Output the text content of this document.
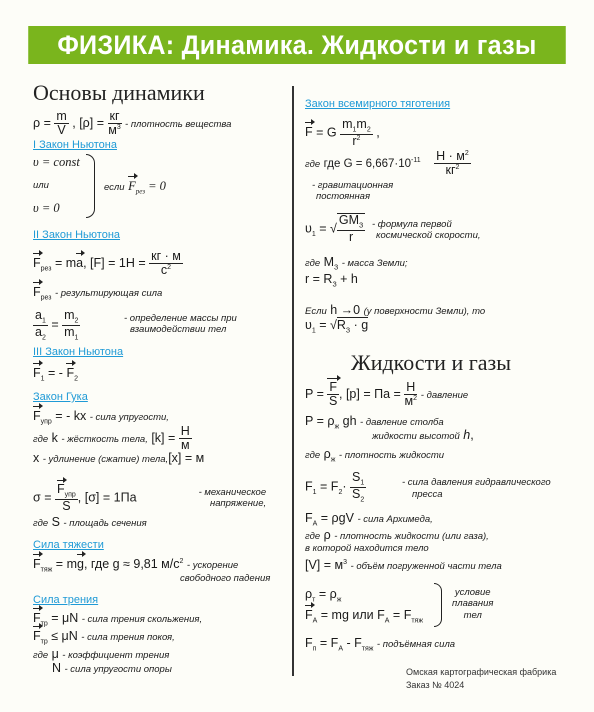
ФИЗИКА: Динамика. Жидкости и газы
Основы динамики
$\rho = \frac{m}{V}$ , $[\rho] = \frac{кг}{м^3}$ - плотность вещества
I Закон Ньютона
υ = const
или
υ = 0
если $F_{рез} = 0$
II Закон Ньютона
$F_{рез}$ = ma, $[F] = 1Н = \frac{кг \cdot м}{с^2}$
$F_{рез}$ - результирующая сила
$\frac{a_1}{a_2} = \frac{m_2}{m_1}$	- определение массы при
взаимодействии тел
III Закон Ньютона
$F_1$ = - $F_2$
Закон Гука
$F_{упр}$ = - kx - сила упругости,
где k - жёсткость тела, $[k] = \frac{Н}{м}$
x - удлинение (сжатие) тела,[x] = м
$\sigma = \frac{F_{упр}}{S}$ , [σ] = 1Па	- механическое
напряжение,
где S - площадь сечения
Сила тяжести
$F_{тяж}$ = mg, где g ≈ 9,81 $м/с^2$ - ускорение
свободного падения
Сила трения
$F_{тр} = \mu N$ - сила трения скольжения,
$F_{тр} \le \mu N$ - сила трения покоя,
где μ - коэффициент трения
N - сила упругости опоры
Закон всемирного тяготения
F = G $\frac{m_1m_2}{r^2}$ ,
где где $G = 6,667\cdot 10^{-11} \frac{Н \cdot м^2}{кг^2}$
- гравитационная
постоянная
$\upsilon_1$ = √ $\frac{GM_З}{r}$ - формула первой
космической скорости,
где $M_З$ - масса Земли;
$r = R_З + h$
Если h →0 (у поверхности Земли), то
$\upsilon_1 = √R_З \cdot g$
Жидкости и газы
$P = \frac{F}{S}$ , [p] = Па = $\frac{Н}{м^2}$ - давление
$P = \rho_ж$ gh - давление столба
жидкости высотой h,
где $\rho_ж$ - плотность жидкости
$F_1 = F_2\cdot \frac{S_1}{S_2}$	- сила давления гидравлического
пресса
$F_A = \rho gV$ - сила Архимеда,
где ρ - плотность жидкости (или газа),
в которой находится тело
$[V] = м^3$ - объём погруженной части тела
$\rho_т = \rho_ж$
$F_A$ = mg или $F_A = F_{тяж}$
условие
плавания
тел
$F_п = F_A - F_{тяж}$ - подъёмная сила
Омская картографическая фабрика
Заказ № 4024
